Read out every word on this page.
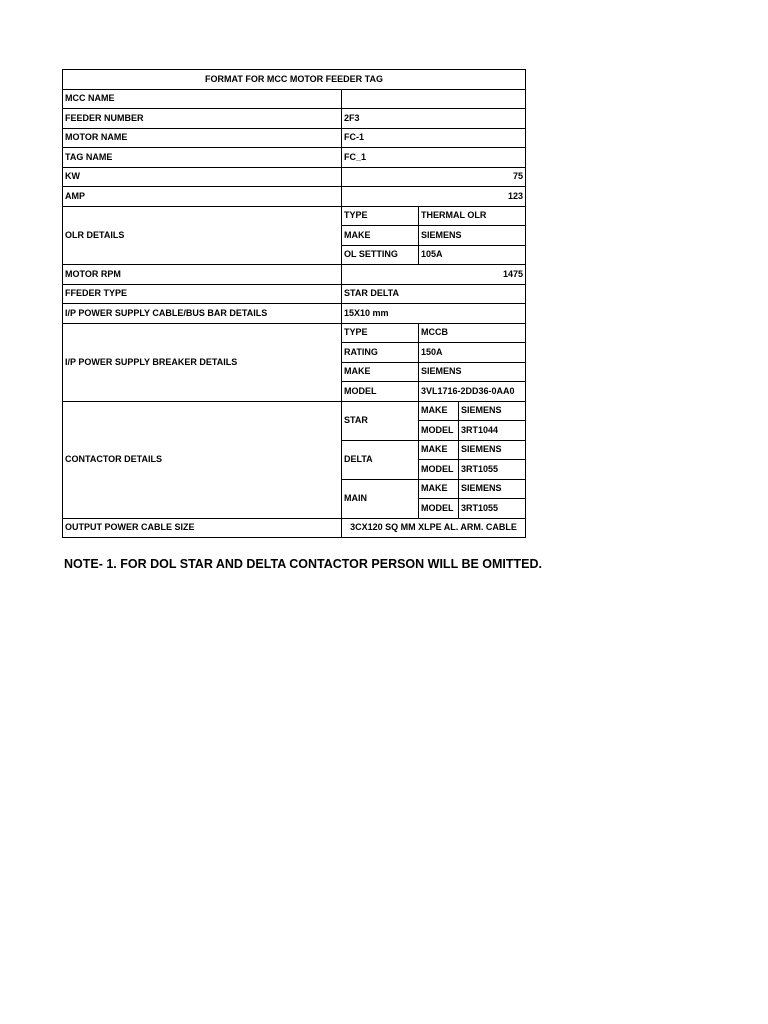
FORMAT FOR MCC MOTOR FEEDER TAG			
MCC NAME			
FEEDER NUMBER	2F3		
MOTOR NAME	FC-1		
TAG NAME	FC_1		
KW	75		
AMP	123		
OLR DETAILS	TYPE	THERMAL OLR	
	MAKE	SIEMENS	
	OL SETTING	105A	
MOTOR RPM	1475		
FFEDER TYPE	STAR DELTA		
I/P POWER SUPPLY CABLE/BUS BAR DETAILS	15X10 mm		
I/P POWER SUPPLY BREAKER DETAILS	TYPE	MCCB	
	RATING	150A	
	MAKE	SIEMENS	
	MODEL	3VL1716-2DD36-0AA0	
CONTACTOR DETAILS	STAR	MAKE	SIEMENS
		MODEL	3RT1044
	DELTA	MAKE	SIEMENS
		MODEL	3RT1055
	MAIN	MAKE	SIEMENS
		MODEL	3RT1055
OUTPUT POWER CABLE SIZE	3CX120 SQ MM XLPE AL. ARM. CABLE		
NOTE- 1. FOR DOL STAR AND DELTA CONTACTOR PERSON WILL BE OMITTED.
